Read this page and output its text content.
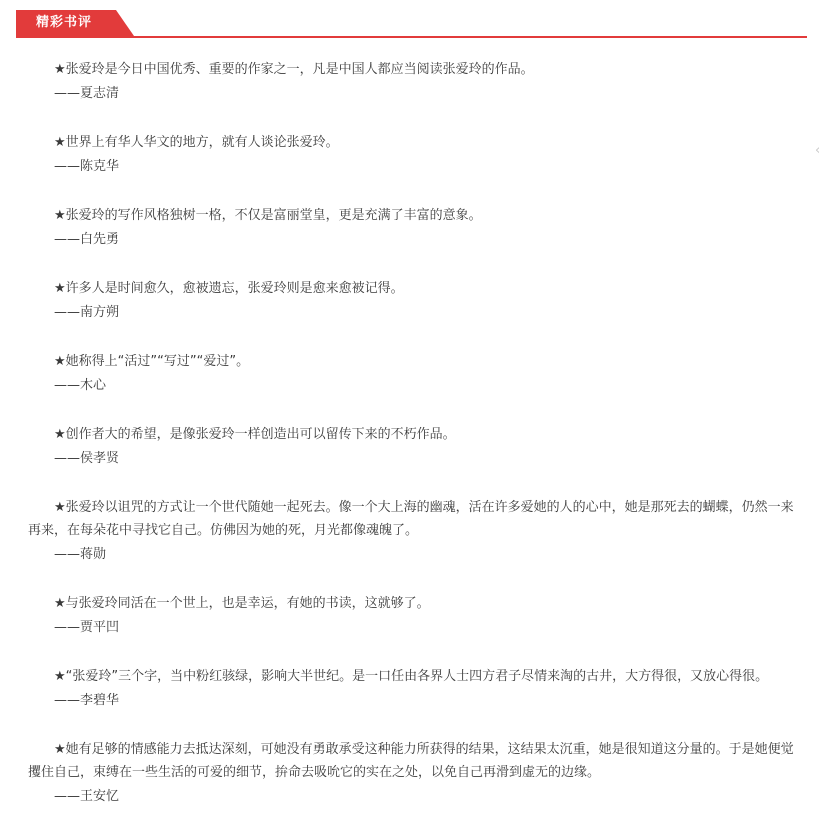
精彩书评
‹

★张爱玲是今日中国优秀、重要的作家之一，凡是中国人都应当阅读张爱玲的作品。

——夏志清

★世界上有华人华文的地方，就有人谈论张爱玲。

——陈克华

★张爱玲的写作风格独树一格，不仅是富丽堂皇，更是充满了丰富的意象。

——白先勇

★许多人是时间愈久，愈被遗忘，张爱玲则是愈来愈被记得。

——南方朔

★她称得上“活过”“写过”“爱过”。

——木心

★创作者大的希望，是像张爱玲一样创造出可以留传下来的不朽作品。

——侯孝贤

★张爱玲以诅咒的方式让一个世代随她一起死去。像一个大上海的幽魂，活在许多爱她的人的心中，她是那死去的蝴蝶，仍然一来再来，在每朵花中寻找它自己。仿佛因为她的死，月光都像魂魄了。

——蒋勋

★与张爱玲同活在一个世上，也是幸运，有她的书读，这就够了。

——贾平凹

★“张爱玲”三个字，当中粉红骇绿，影响大半世纪。是一口任由各界人士四方君子尽情来淘的古井，大方得很，又放心得很。

——李碧华

★她有足够的情感能力去抵达深刻，可她没有勇敢承受这种能力所获得的结果，这结果太沉重，她是很知道这分量的。于是她便觉攫住自己，束缚在一些生活的可爱的细节，拚命去吸吮它的实在之处，以免自己再滑到虚无的边缘。

——王安忆
